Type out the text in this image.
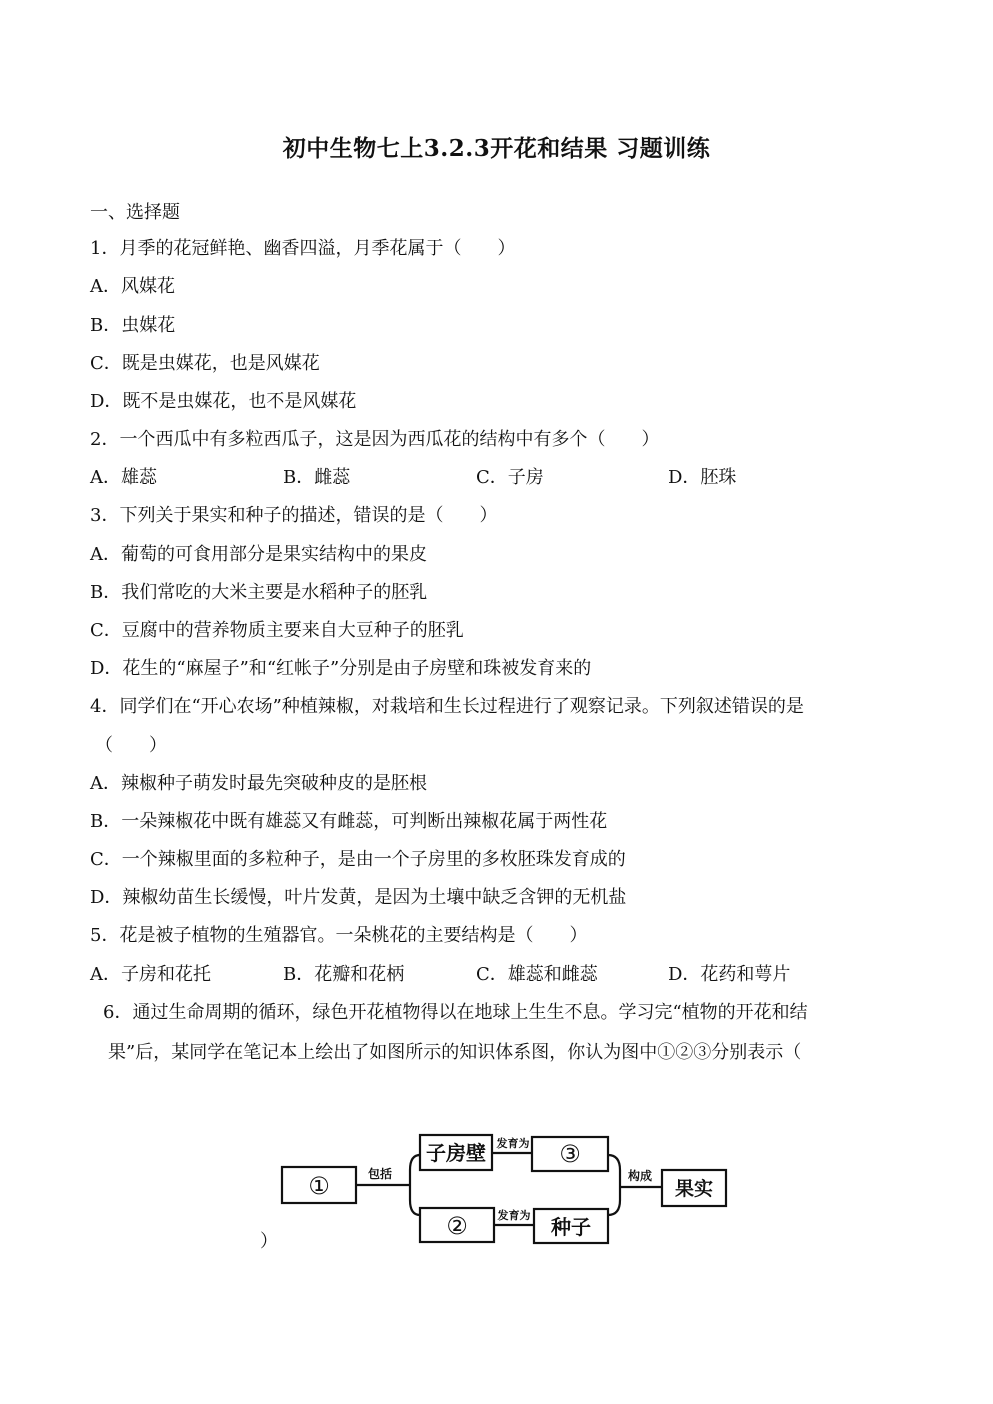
初中生物七上3.2.3开花和结果 习题训练
一、选择题
1．月季的花冠鲜艳、幽香四溢，月季花属于（　　）
A．风媒花
B．虫媒花
C．既是虫媒花，也是风媒花
D．既不是虫媒花，也不是风媒花
2．一个西瓜中有多粒西瓜子，这是因为西瓜花的结构中有多个（　　）
A．雄蕊	B．雌蕊	C．子房	D．胚珠
3．下列关于果实和种子的描述，错误的是（　　）
A．葡萄的可食用部分是果实结构中的果皮
B．我们常吃的大米主要是水稻种子的胚乳
C．豆腐中的营养物质主要来自大豆种子的胚乳
D．花生的“麻屋子”和“红帐子”分别是由子房壁和珠被发育来的
4．同学们在“开心农场”种植辣椒，对栽培和生长过程进行了观察记录。下列叙述错误的是
（　　）
A．辣椒种子萌发时最先突破种皮的是胚根
B．一朵辣椒花中既有雄蕊又有雌蕊，可判断出辣椒花属于两性花
C．一个辣椒里面的多粒种子，是由一个子房里的多枚胚珠发育成的
D．辣椒幼苗生长缓慢，叶片发黄，是因为土壤中缺乏含钾的无机盐
5．花是被子植物的生殖器官。一朵桃花的主要结构是（　　）
A．子房和花托	B．花瓣和花柄	C．雄蕊和雌蕊	D．花药和萼片
6．通过生命周期的循环，绿色开花植物得以在地球上生生不息。学习完“植物的开花和结
果”后，某同学在笔记本上绘出了如图所示的知识体系图，你认为图中①②③分别表示（
①
子房壁	③
②	种子
果实
包括
发育为
发育为
构成
）
